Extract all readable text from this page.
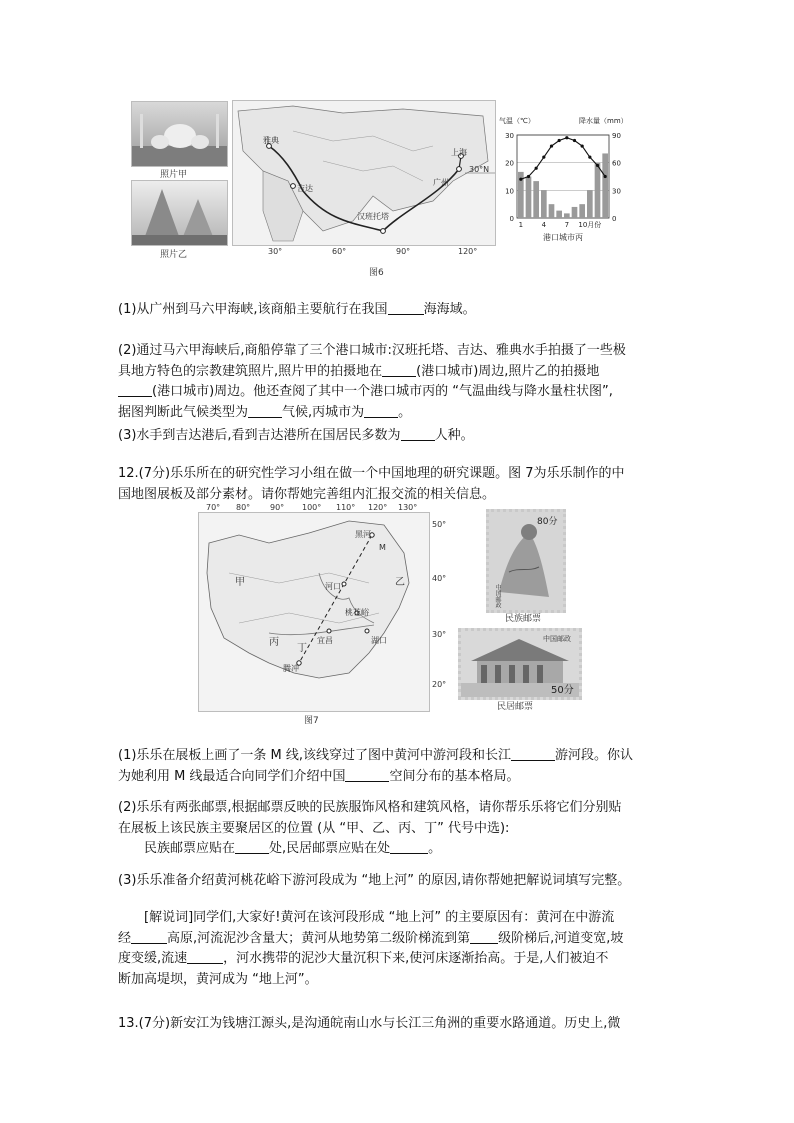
照片甲
照片乙
雅典
吉达
汉班托塔
广州
上海
30°N
30°	60°	90°	120°
气温（℃）	降水量（mm）
30
20
10
0
90
60
30
0
1	4	7 10月份
港口城市丙
图6
(1)从广州到马六甲海峡,该商船主要航行在我国	海海域。
(2)通过马六甲海峡后,商船停靠了三个港口城市:汉班托塔、吉达、雅典水手拍摄了一些极
具地方特色的宗教建筑照片,照片甲的拍摄地在	(港口城市)周边,照片乙的拍摄地
(港口城市)周边。他还查阅了其中一个港口城市丙的 “气温曲线与降水量柱状图”,
据图判断此气候类型为	气候,丙城市为	。
(3)水手到吉达港后,看到吉达港所在国居民多数为	人种。
12.(7分)乐乐所在的研究性学习小组在做一个中国地理的研究课题。图 7为乐乐制作的中
国地图展板及部分素材。请你帮她完善组内汇报交流的相关信息。
甲	乙
丙
丁
黑河
M
河口
桃花峪
宜昌	湖口
腾冲
70° 80° 90° 100° 110° 120° 130°
50°
40°
30°
20°
图7
80分
中国邮政
民族邮票
中国邮政
50分
民居邮票
(1)乐乐在展板上画了一条 M 线,该线穿过了图中黄河中游河段和长江	游河段。你认
为她利用 M 线最适合向同学们介绍中国	空间分布的基本格局。
(2)乐乐有两张邮票,根据邮票反映的民族服饰风格和建筑风格，请你帮乐乐将它们分别贴
在展板上该民族主要聚居区的位置 (从 “甲、乙、丙、丁” 代号中选):
民族邮票应贴在	处,民居邮票应贴在处	。
(3)乐乐准备介绍黄河桃花峪下游河段成为 “地上河” 的原因,请你帮她把解说词填写完整。
[解说词]同学们,大家好!黄河在该河段形成 “地上河” 的主要原因有：黄河在中游流
经	高原,河流泥沙含量大；黄河从地势第二级阶梯流到第 级阶梯后,河道变宽,坡
度变缓,流速	，河水携带的泥沙大量沉积下来,使河床逐渐抬高。于是,人们被迫不
断加高堤坝，黄河成为 “地上河”。
13.(7分)新安江为钱塘江源头,是沟通皖南山水与长江三角洲的重要水路通道。历史上,微
